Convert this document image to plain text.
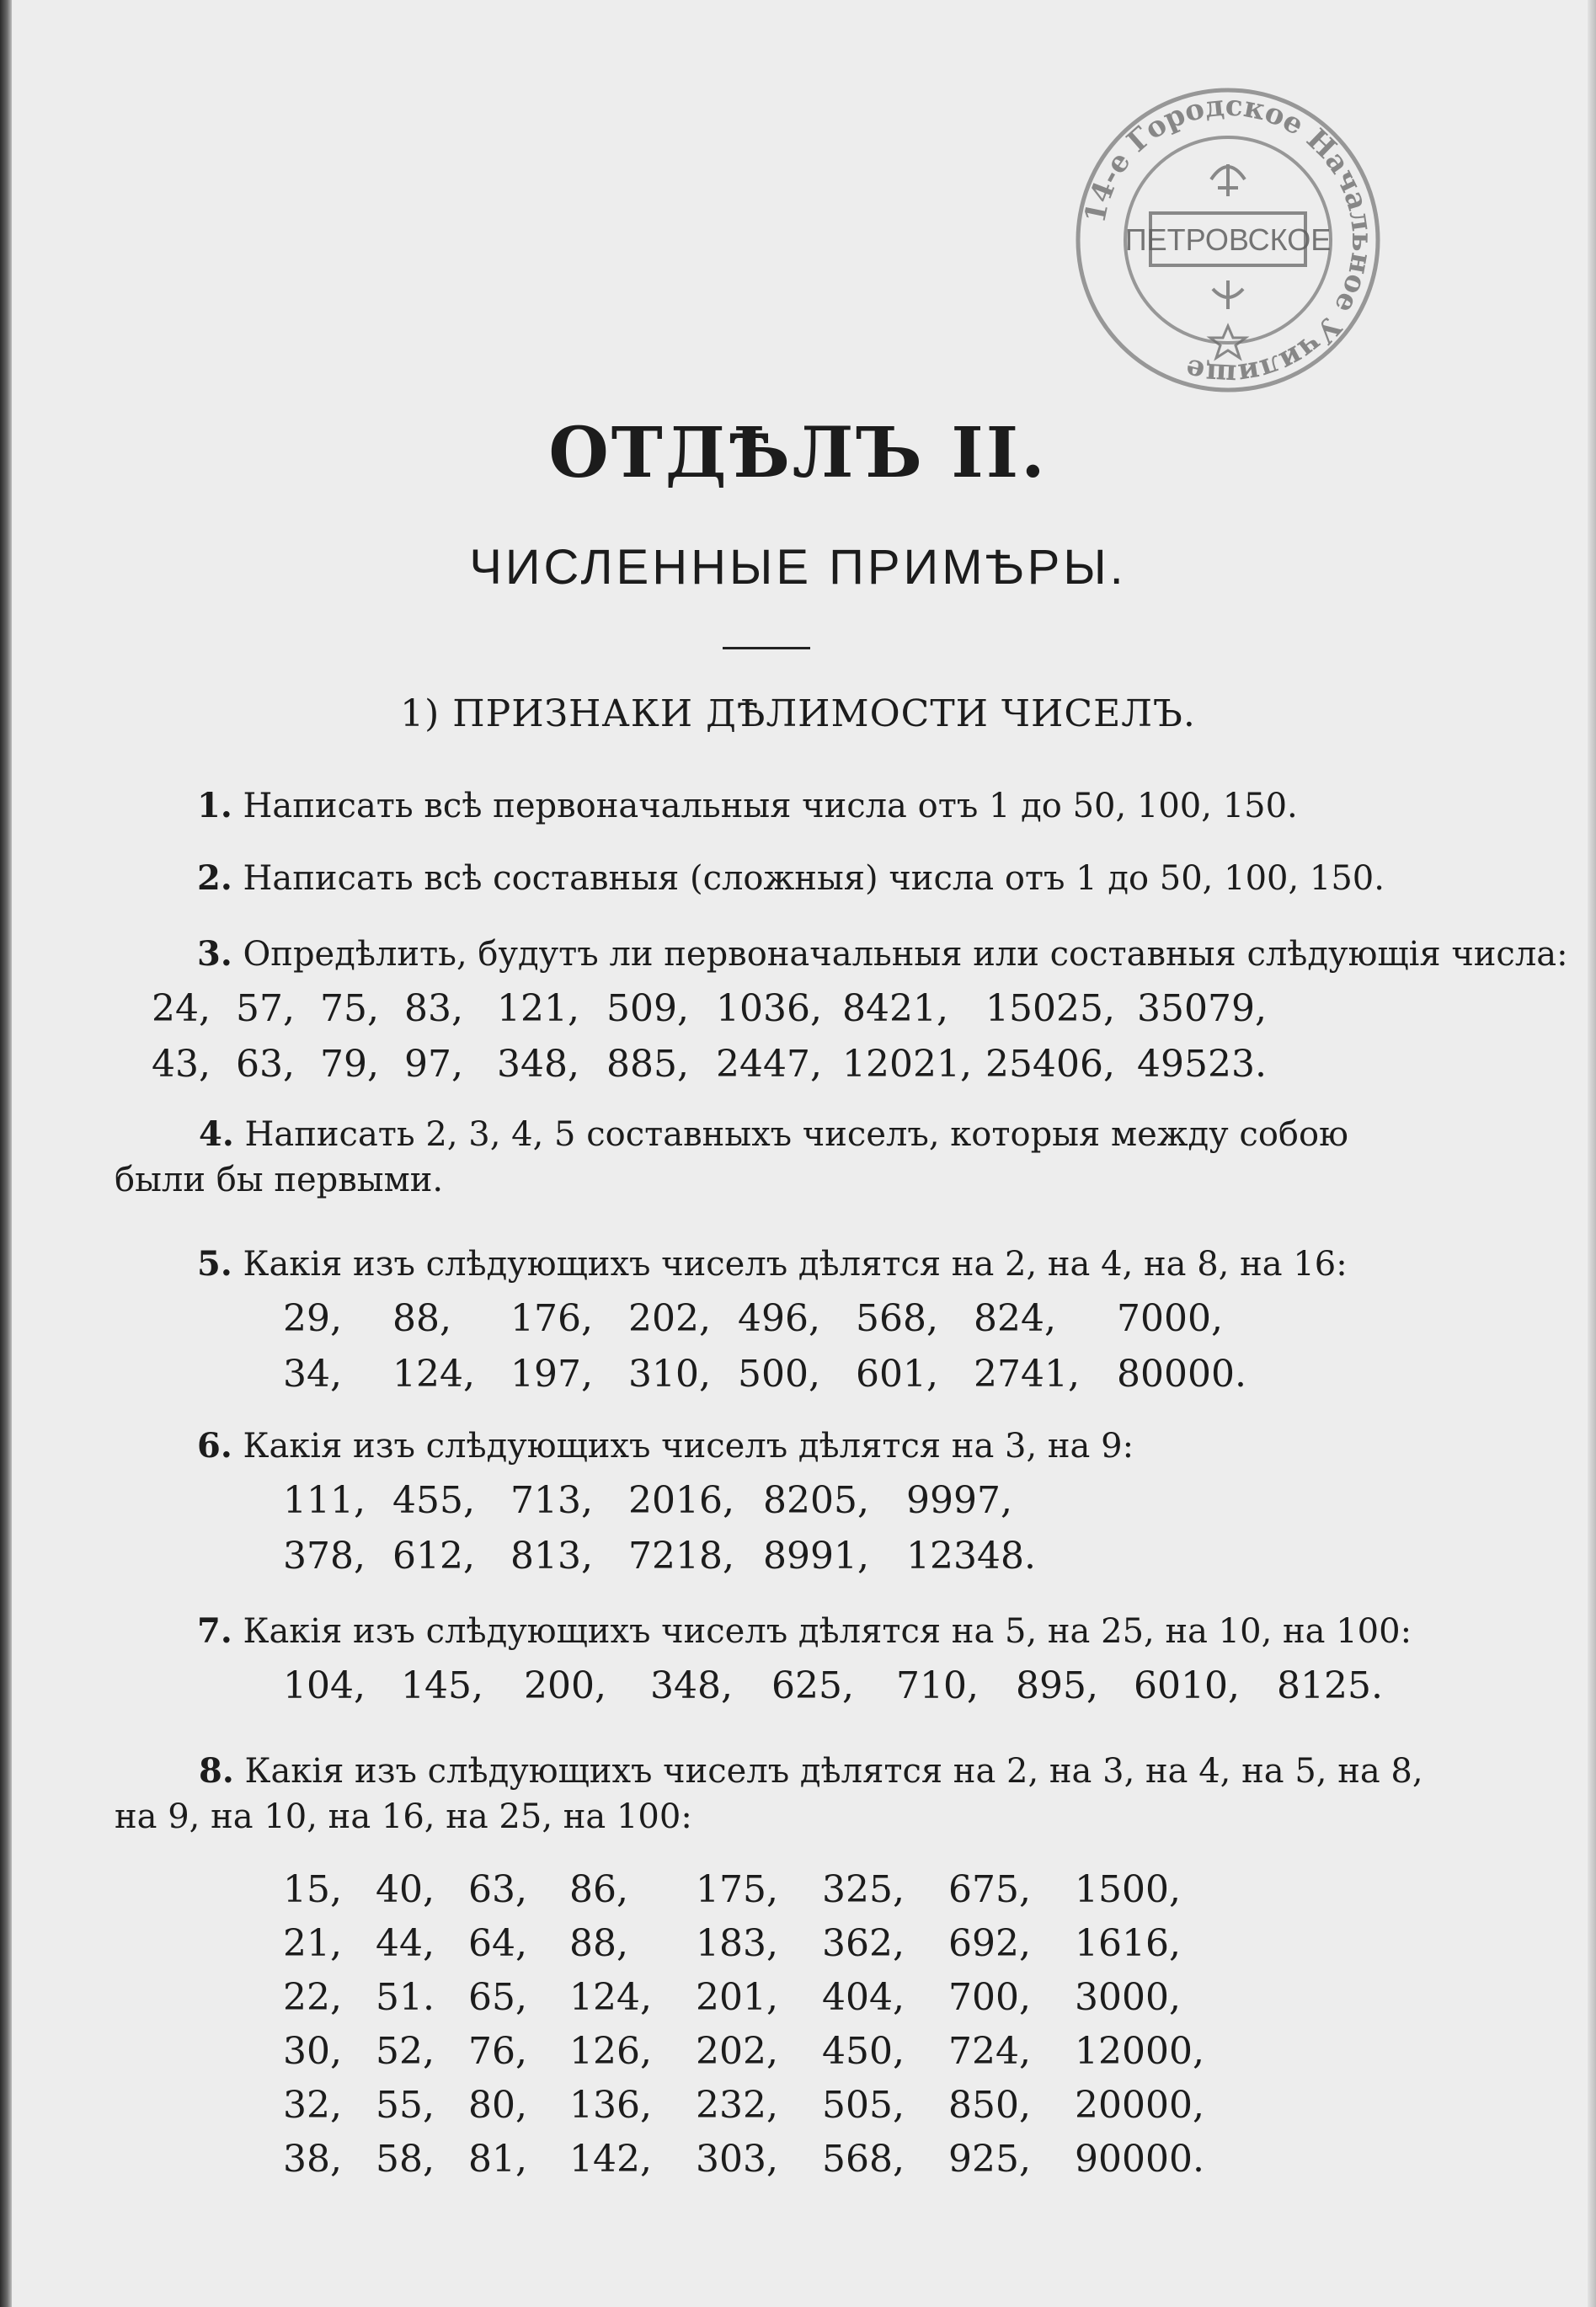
14-е Городское Начальное Училище
ПЕТРОВСКОЕ
ОТДѢЛЪ II.
ЧИСЛЕННЫЕ ПРИМѢРЫ.
1) ПРИЗНАКИ ДѢЛИМОСТИ ЧИСЕЛЪ.
1. Написать всѣ первоначальныя числа отъ 1 до 50, 100, 150.
2. Написать всѣ составныя (сложныя) числа отъ 1 до 50, 100, 150.
3. Опредѣлить, будутъ ли первоначальныя или составныя слѣдующія числа:
24, 57, 75, 83, 121, 509, 1036, 8421, 15025, 35079,
43, 63, 79, 97, 348, 885, 2447, 12021, 25406, 49523.
4. Написать 2, 3, 4, 5 составныхъ чиселъ, которыя между собою были бы первыми.
5. Какія изъ слѣдующихъ чиселъ дѣлятся на 2, на 4, на 8, на 16:
29, 88, 176, 202, 496, 568, 824, 7000,
34, 124, 197, 310, 500, 601, 2741, 80000.
6. Какія изъ слѣдующихъ чиселъ дѣлятся на 3, на 9:
111, 455, 713, 2016, 8205, 9997,
378, 612, 813, 7218, 8991, 12348.
7. Какія изъ слѣдующихъ чиселъ дѣлятся на 5, на 25, на 10, на 100:
104, 145, 200, 348, 625, 710, 895, 6010, 8125.
8. Какія изъ слѣдующихъ чиселъ дѣлятся на 2, на 3, на 4, на 5, на 8, на 9, на 10, на 16, на 25, на 100:
15, 40, 63, 86, 175, 325, 675, 1500,
21, 44, 64, 88, 183, 362, 692, 1616,
22, 51. 65, 124, 201, 404, 700, 3000,
30, 52, 76, 126, 202, 450, 724, 12000,
32, 55, 80, 136, 232, 505, 850, 20000,
38, 58, 81, 142, 303, 568, 925, 90000.
